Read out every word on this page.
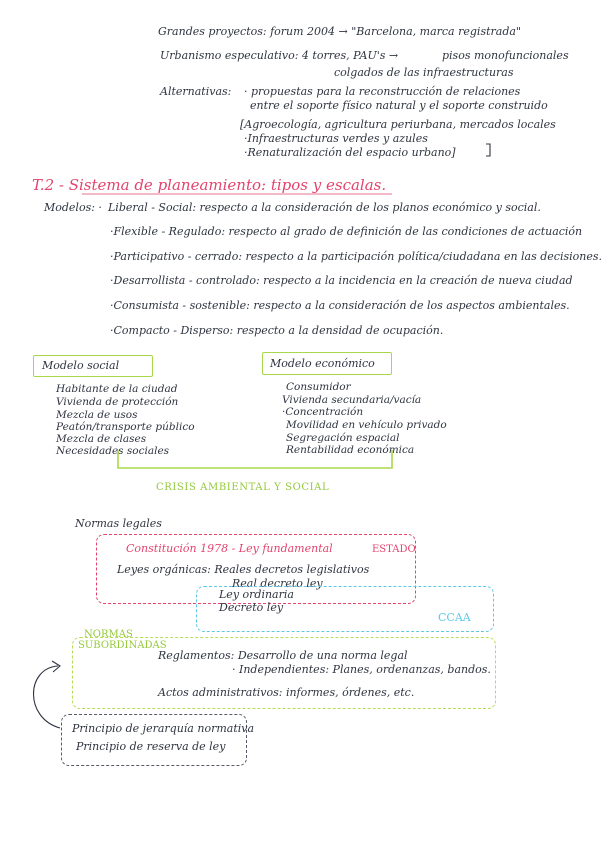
Grandes proyectos: forum 2004 → "Barcelona, marca registrada"
Urbanismo especulativo: 4 torres, PAU's →	pisos monofuncionales
colgados de las infraestructuras
Alternativas: · propuestas para la reconstrucción de relaciones
entre el soporte físico natural y el soporte construido
[Agroecología, agricultura periurbana, mercados locales
·Infraestructuras verdes y azules
·Renaturalización del espacio urbano]
T.2 - Sistema de planeamiento: tipos y escalas.
Modelos: · Liberal - Social: respecto a la consideración de los planos económico y social.
·Flexible - Regulado: respecto al grado de definición de las condiciones de actuación
·Participativo - cerrado: respecto a la participación política/ciudadana en las decisiones.
·Desarrollista - controlado: respecto a la incidencia en la creación de nueva ciudad
·Consumista - sostenible: respecto a la consideración de los aspectos ambientales.
·Compacto - Disperso: respecto a la densidad de ocupación.
Modelo social
Habitante de la ciudad
Vivienda de protección
Mezcla de usos
Peatón/transporte público
Mezcla de clases
Necesidades sociales
Modelo económico
Consumidor
Vivienda secundaria/vacía
·Concentración
Movilidad en vehículo privado
Segregación espacial
Rentabilidad económica
CRISIS AMBIENTAL Y SOCIAL
Normas legales
Constitución 1978 - Ley fundamental	ESTADO
Leyes orgánicas: Reales decretos legislativos
Real decreto ley
Ley ordinaria
Decreto ley
CCAA
NORMAS
SUBORDINADAS
Reglamentos: Desarrollo de una norma legal
· Independientes: Planes, ordenanzas, bandos.
Actos administrativos: informes, órdenes, etc.
Principio de jerarquía normativa
Principio de reserva de ley
